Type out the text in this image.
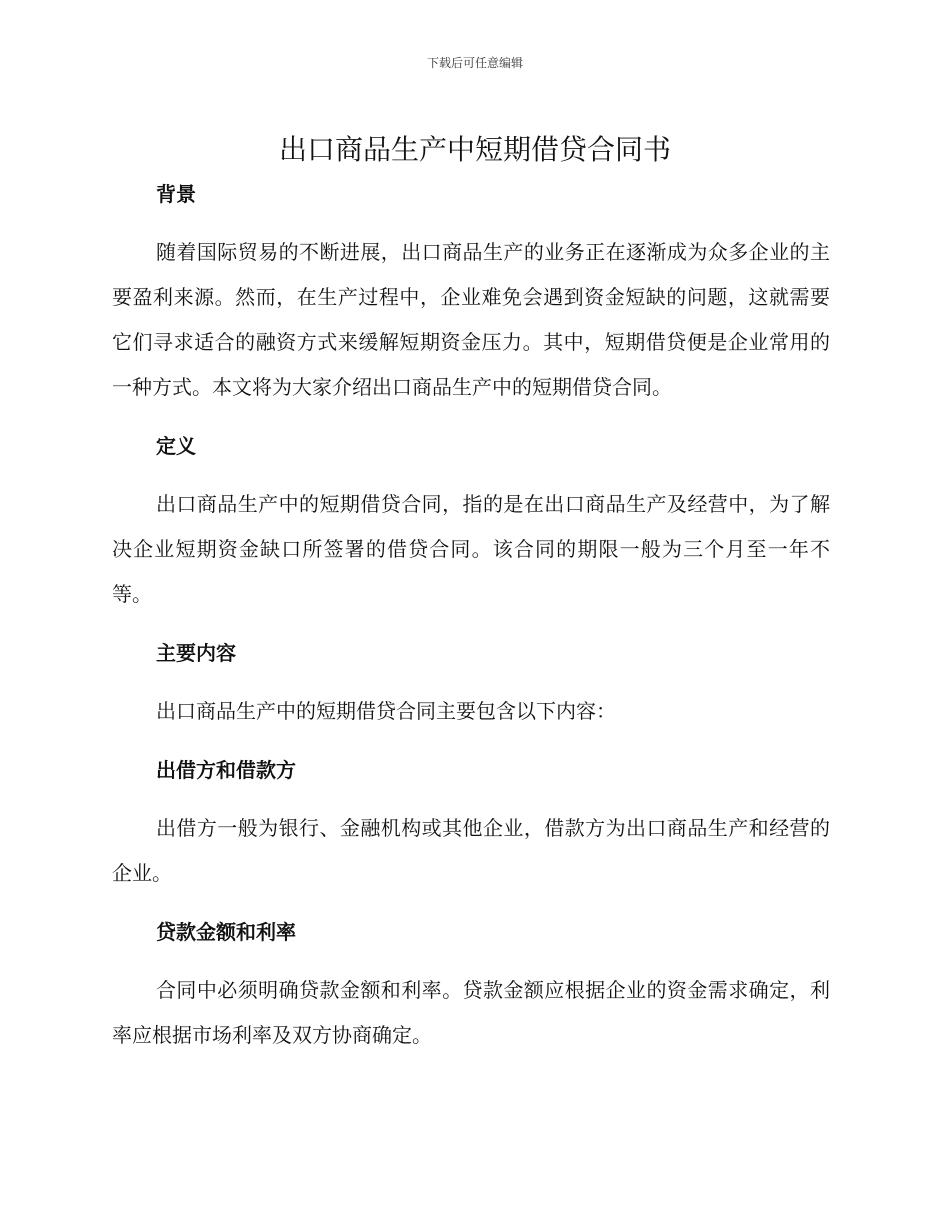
下载后可任意编辑
出口商品生产中短期借贷合同书
背景

随着国际贸易的不断进展，出口商品生产的业务正在逐渐成为众多企业的主要盈利来源。然而，在生产过程中，企业难免会遇到资金短缺的问题，这就需要它们寻求适合的融资方式来缓解短期资金压力。其中，短期借贷便是企业常用的一种方式。本文将为大家介绍出口商品生产中的短期借贷合同。

定义

出口商品生产中的短期借贷合同，指的是在出口商品生产及经营中，为了解决企业短期资金缺口所签署的借贷合同。该合同的期限一般为三个月至一年不等。

主要内容

出口商品生产中的短期借贷合同主要包含以下内容：

出借方和借款方

出借方一般为银行、金融机构或其他企业，借款方为出口商品生产和经营的企业。

贷款金额和利率

合同中必须明确贷款金额和利率。贷款金额应根据企业的资金需求确定，利率应根据市场利率及双方协商确定。
